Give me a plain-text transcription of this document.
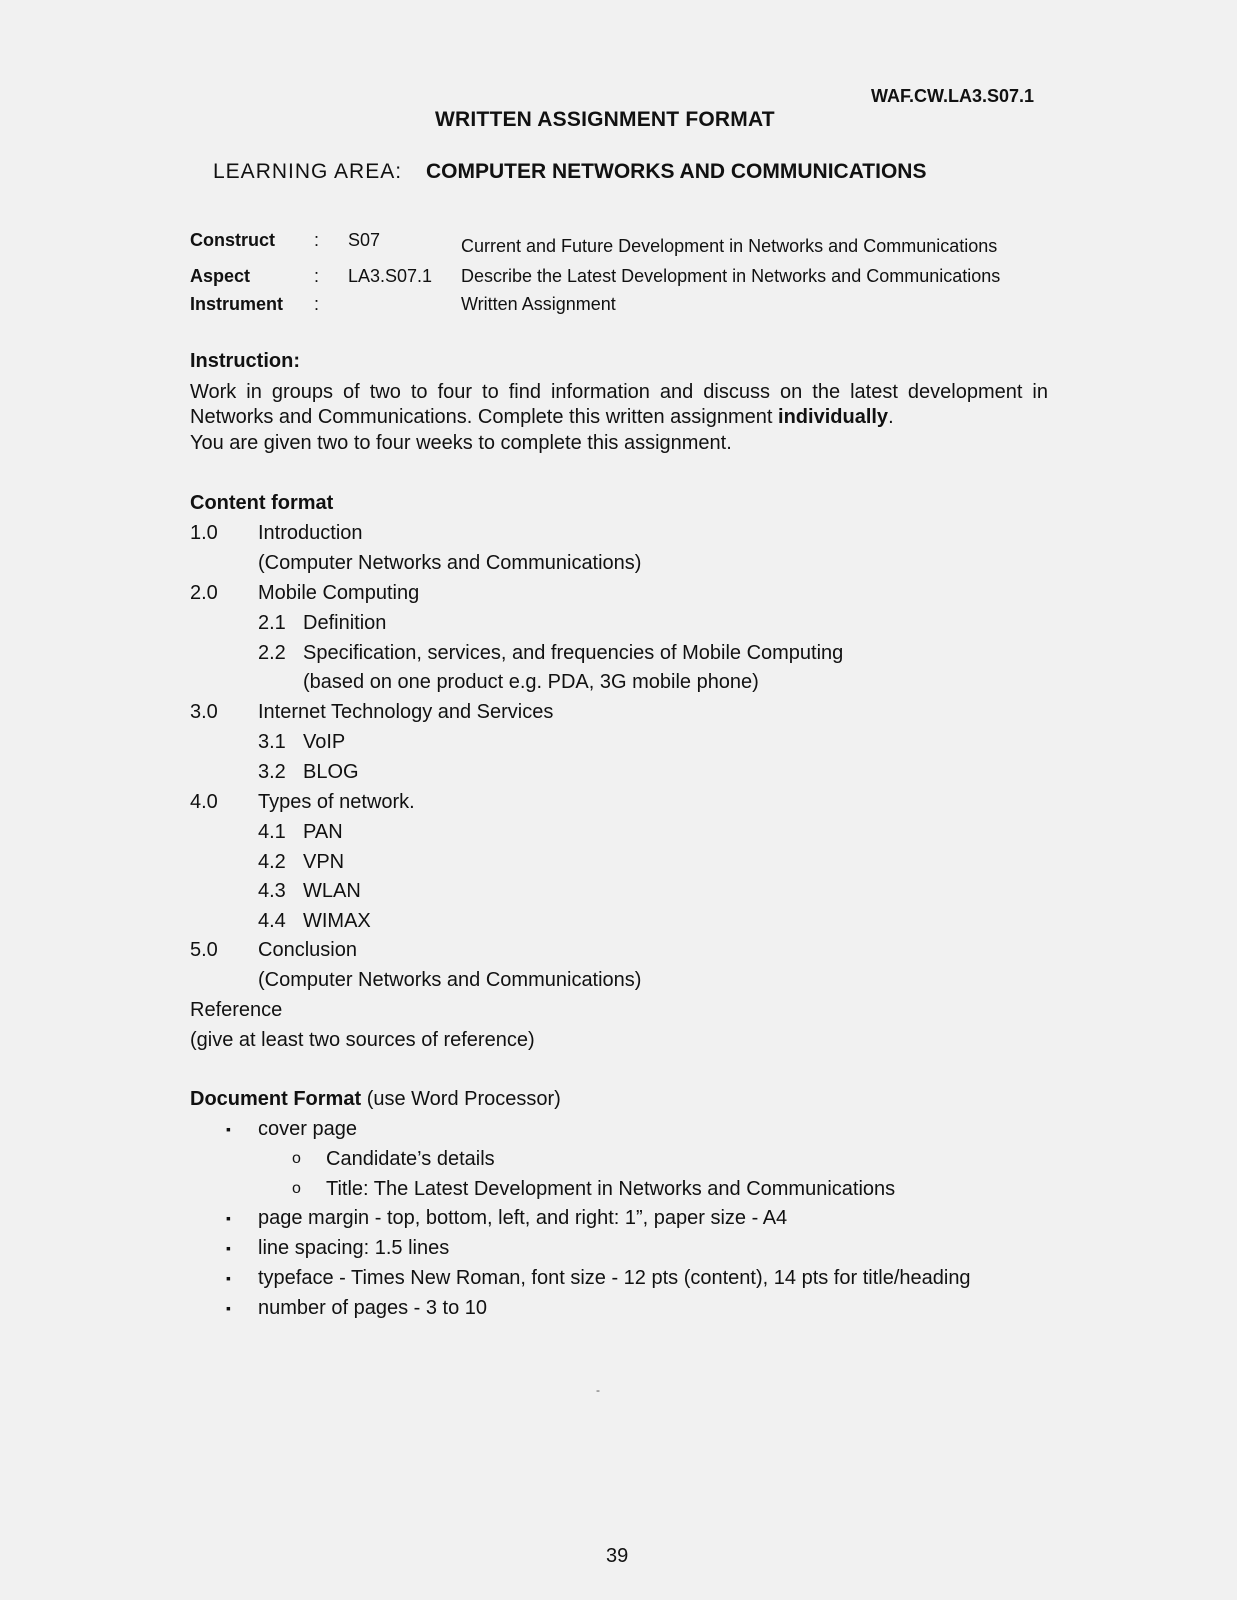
WAF.CW.LA3.S07.1
WRITTEN ASSIGNMENT FORMAT
LEARNING AREA: COMPUTER NETWORKS AND COMMUNICATIONS
Construct : S07	Current and Future Development in Networks and Communications
Aspect	: LA3.S07.1 Describe the Latest Development in Networks and Communications
Instrument :	Written Assignment
Instruction:
Work in groups of two to four to find information and discuss on the latest development in Networks and Communications. Complete this written assignment individually.
You are given two to four weeks to complete this assignment.
Content format
1.0 Introduction
(Computer Networks and Communications)
2.0 Mobile Computing
2.1 Definition
2.2 Specification, services, and frequencies of Mobile Computing
(based on one product e.g. PDA, 3G mobile phone)
3.0 Internet Technology and Services
3.1 VoIP
3.2 BLOG
4.0 Types of network.
4.1 PAN
4.2 VPN
4.3 WLAN
4.4 WIMAX
5.0 Conclusion
(Computer Networks and Communications)
Reference
(give at least two sources of reference)
Document Format (use Word Processor)
▪ cover page
o Candidate’s details
o Title: The Latest Development in Networks and Communications
▪ page margin - top, bottom, left, and right: 1”, paper size - A4
▪ line spacing: 1.5 lines
▪ typeface - Times New Roman, font size - 12 pts (content), 14 pts for title/heading
▪ number of pages - 3 to 10
-
39
